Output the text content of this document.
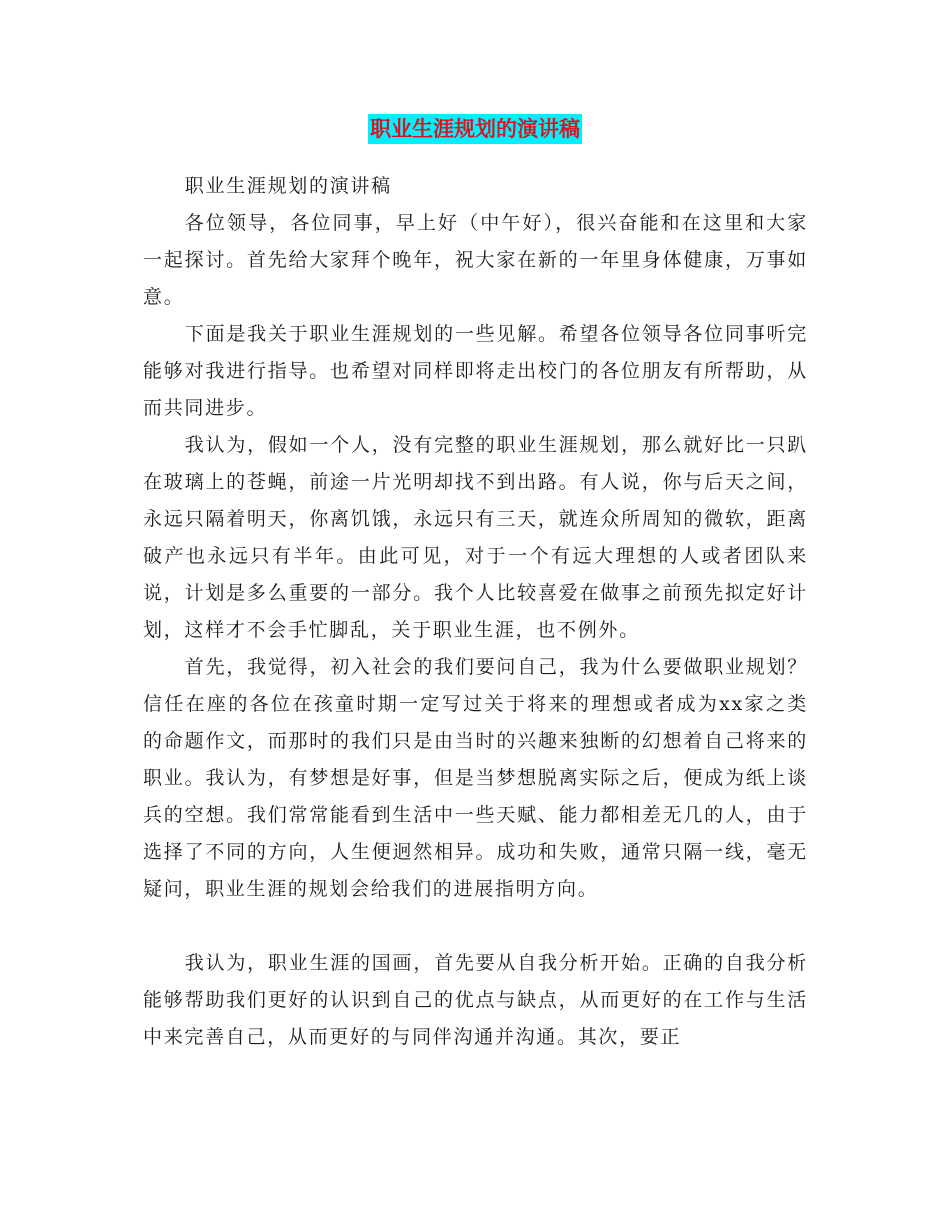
职业生涯规划的演讲稿

职业生涯规划的演讲稿

各位领导，各位同事，早上好（中午好），很兴奋能和在这里和大家一起探讨。首先给大家拜个晚年，祝大家在新的一年里身体健康，万事如意。

下面是我关于职业生涯规划的一些见解。希望各位领导各位同事听完能够对我进行指导。也希望对同样即将走出校门的各位朋友有所帮助，从而共同进步。

我认为，假如一个人，没有完整的职业生涯规划，那么就好比一只趴在玻璃上的苍蝇，前途一片光明却找不到出路。有人说，你与后天之间，永远只隔着明天，你离饥饿，永远只有三天，就连众所周知的微软，距离破产也永远只有半年。由此可见，对于一个有远大理想的人或者团队来说，计划是多么重要的一部分。我个人比较喜爱在做事之前预先拟定好计划，这样才不会手忙脚乱，关于职业生涯，也不例外。

首先，我觉得，初入社会的我们要问自己，我为什么要做职业规划？信任在座的各位在孩童时期一定写过关于将来的理想或者成为xx家之类的命题作文，而那时的我们只是由当时的兴趣来独断的幻想着自己将来的职业。我认为，有梦想是好事，但是当梦想脱离实际之后，便成为纸上谈兵的空想。我们常常能看到生活中一些天赋、能力都相差无几的人，由于选择了不同的方向，人生便迥然相异。成功和失败，通常只隔一线，毫无疑问，职业生涯的规划会给我们的进展指明方向。

我认为，职业生涯的国画，首先要从自我分析开始。正确的自我分析能够帮助我们更好的认识到自己的优点与缺点，从而更好的在工作与生活中来完善自己，从而更好的与同伴沟通并沟通。其次，要正
